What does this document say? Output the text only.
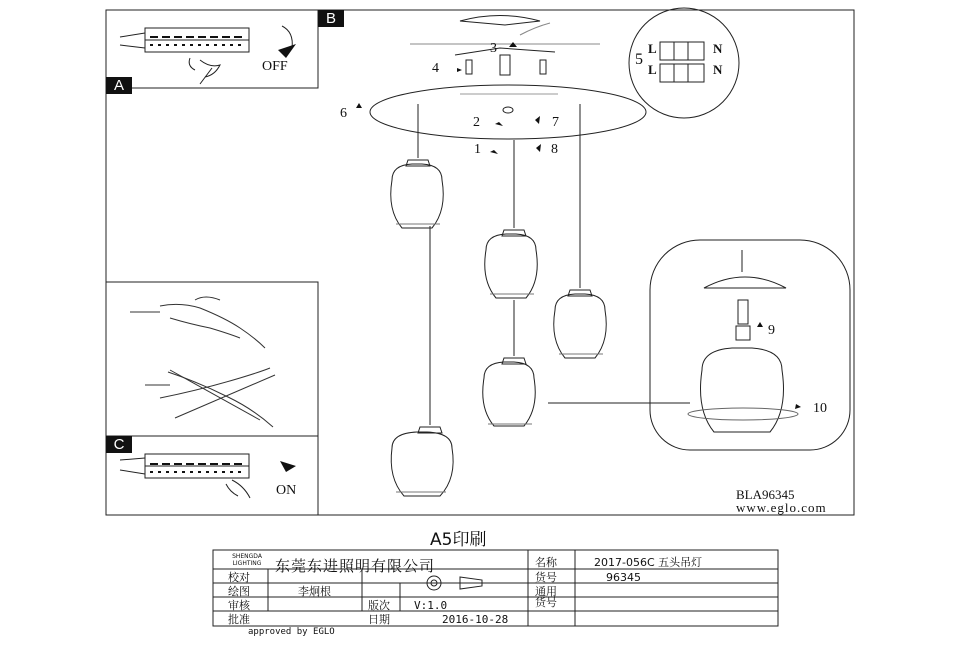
B
A
C
OFF
ON
3
4
5
6
2	7
1	8
9
10
L	N
L	N
BLA96345
www.eglo.com
A5印刷
SHENGDA LIGHTING 东莞东进照明有限公司	名称	2017-056C 五头吊灯
校对	货号	96345
绘图	李炯根	通用
审核	版次 V:1.0	货号
批准	日期	2016-10-28
approved by EGLO
